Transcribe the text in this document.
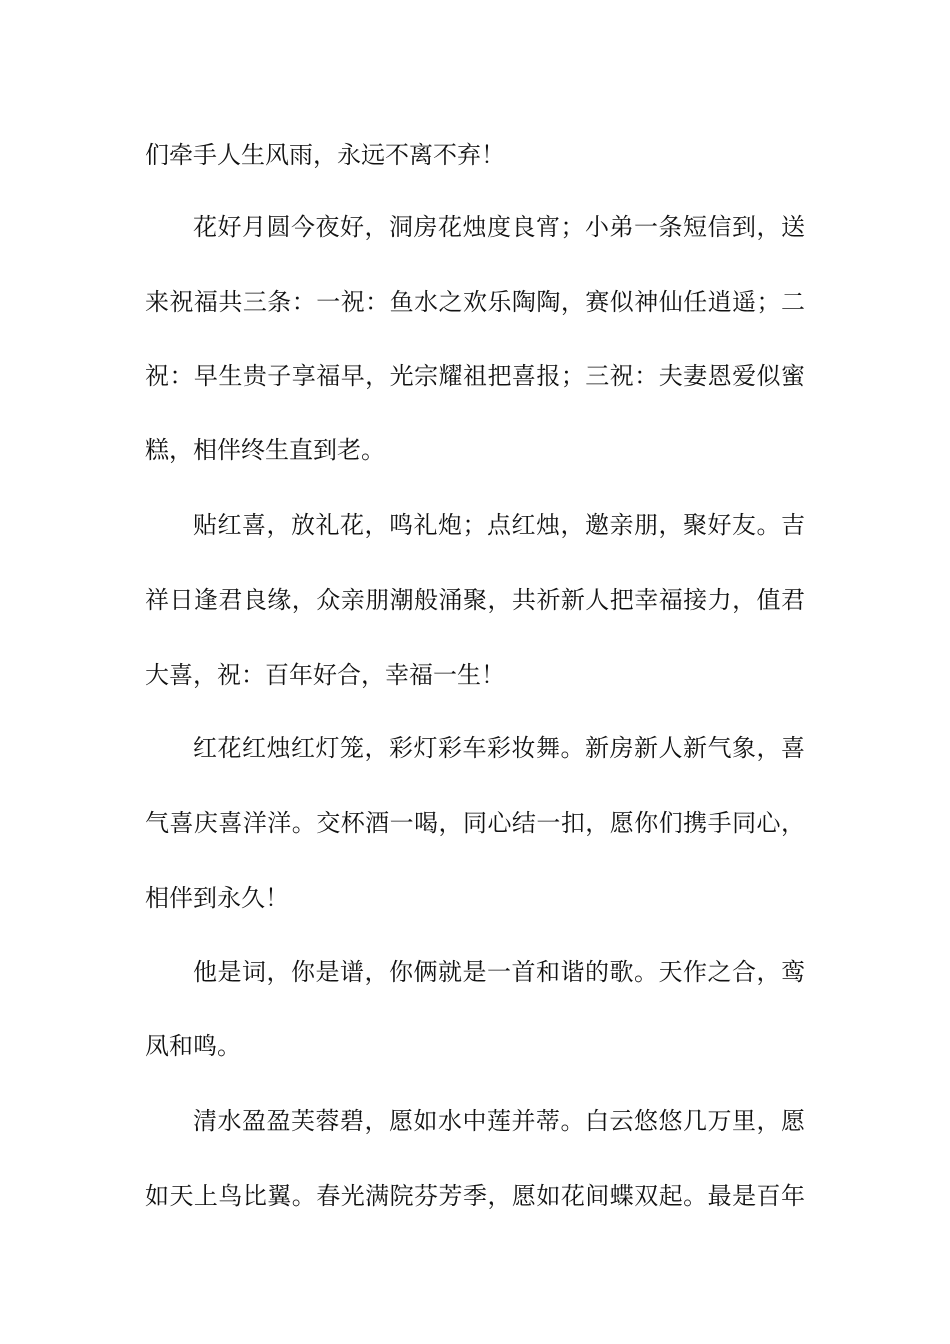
们牵手人生风雨，永远不离不弃！
花好月圆今夜好，洞房花烛度良宵；小弟一条短信到，送
来祝福共三条：一祝：鱼水之欢乐陶陶，赛似神仙任逍遥；二
祝：早生贵子享福早，光宗耀祖把喜报；三祝：夫妻恩爱似蜜
糕，相伴终生直到老。
贴红喜，放礼花，鸣礼炮；点红烛，邀亲朋，聚好友。吉
祥日逢君良缘，众亲朋潮般涌聚，共祈新人把幸福接力，值君
大喜，祝：百年好合，幸福一生！
红花红烛红灯笼，彩灯彩车彩妆舞。新房新人新气象，喜
气喜庆喜洋洋。交杯酒一喝，同心结一扣，愿你们携手同心，
相伴到永久！
他是词，你是谱，你俩就是一首和谐的歌。天作之合，鸾
凤和鸣。
清水盈盈芙蓉碧，愿如水中莲并蒂。白云悠悠几万里，愿
如天上鸟比翼。春光满院芬芳季，愿如花间蝶双起。最是百年
